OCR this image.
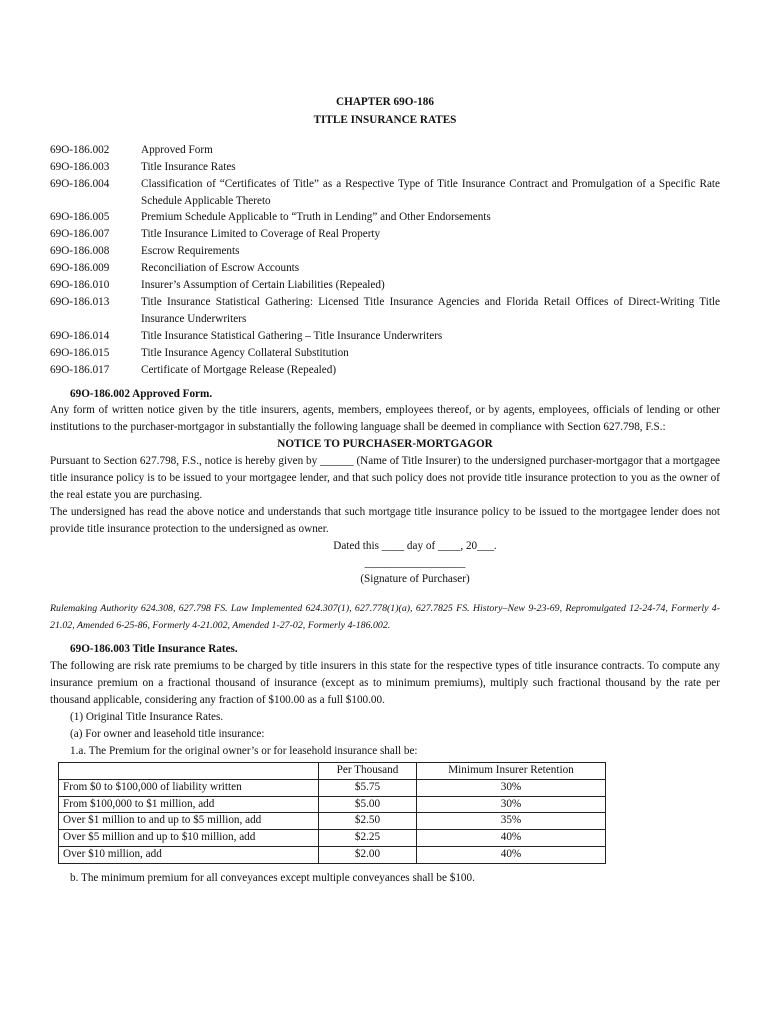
CHAPTER 69O-186
TITLE INSURANCE RATES
69O-186.002	Approved Form
69O-186.003	Title Insurance Rates
69O-186.004	Classification of “Certificates of Title” as a Respective Type of Title Insurance Contract and Promulgation of a Specific Rate Schedule Applicable Thereto
69O-186.005	Premium Schedule Applicable to “Truth in Lending” and Other Endorsements
69O-186.007	Title Insurance Limited to Coverage of Real Property
69O-186.008	Escrow Requirements
69O-186.009	Reconciliation of Escrow Accounts
69O-186.010	Insurer’s Assumption of Certain Liabilities (Repealed)
69O-186.013	Title Insurance Statistical Gathering: Licensed Title Insurance Agencies and Florida Retail Offices of Direct-Writing Title Insurance Underwriters
69O-186.014	Title Insurance Statistical Gathering – Title Insurance Underwriters
69O-186.015	Title Insurance Agency Collateral Substitution
69O-186.017	Certificate of Mortgage Release (Repealed)
69O-186.002 Approved Form.

Any form of written notice given by the title insurers, agents, members, employees thereof, or by agents, employees, officials of lending or other institutions to the purchaser-mortgagor in substantially the following language shall be deemed in compliance with Section 627.798, F.S.:

NOTICE TO PURCHASER-MORTGAGOR

Pursuant to Section 627.798, F.S., notice is hereby given by ______ (Name of Title Insurer) to the undersigned purchaser-mortgagor that a mortgagee title insurance policy is to be issued to your mortgagee lender, and that such policy does not provide title insurance protection to you as the owner of the real estate you are purchasing.

The undersigned has read the above notice and understands that such mortgage title insurance policy to be issued to the mortgagee lender does not provide title insurance protection to the undersigned as owner.

Dated this ____ day of ____, 20___.
__________________
(Signature of Purchaser)
Rulemaking Authority 624.308, 627.798 FS. Law Implemented 624.307(1), 627.778(1)(a), 627.7825 FS. History–New 9-23-69, Repromulgated 12-24-74, Formerly 4-21.02, Amended 6-25-86, Formerly 4-21.002, Amended 1-27-02, Formerly 4-186.002.
69O-186.003 Title Insurance Rates.

The following are risk rate premiums to be charged by title insurers in this state for the respective types of title insurance contracts. To compute any insurance premium on a fractional thousand of insurance (except as to minimum premiums), multiply such fractional thousand by the rate per thousand applicable, considering any fraction of $100.00 as a full $100.00.

(1) Original Title Insurance Rates.
(a) For owner and leasehold title insurance:
1.a. The Premium for the original owner’s or for leasehold insurance shall be:
	Per Thousand	Minimum Insurer Retention
From $0 to $100,000 of liability written	$5.75	30%
From $100,000 to $1 million, add	$5.00	30%
Over $1 million to and up to $5 million, add	$2.50	35%
Over $5 million and up to $10 million, add	$2.25	40%
Over $10 million, add	$2.00	40%
b. The minimum premium for all conveyances except multiple conveyances shall be $100.
